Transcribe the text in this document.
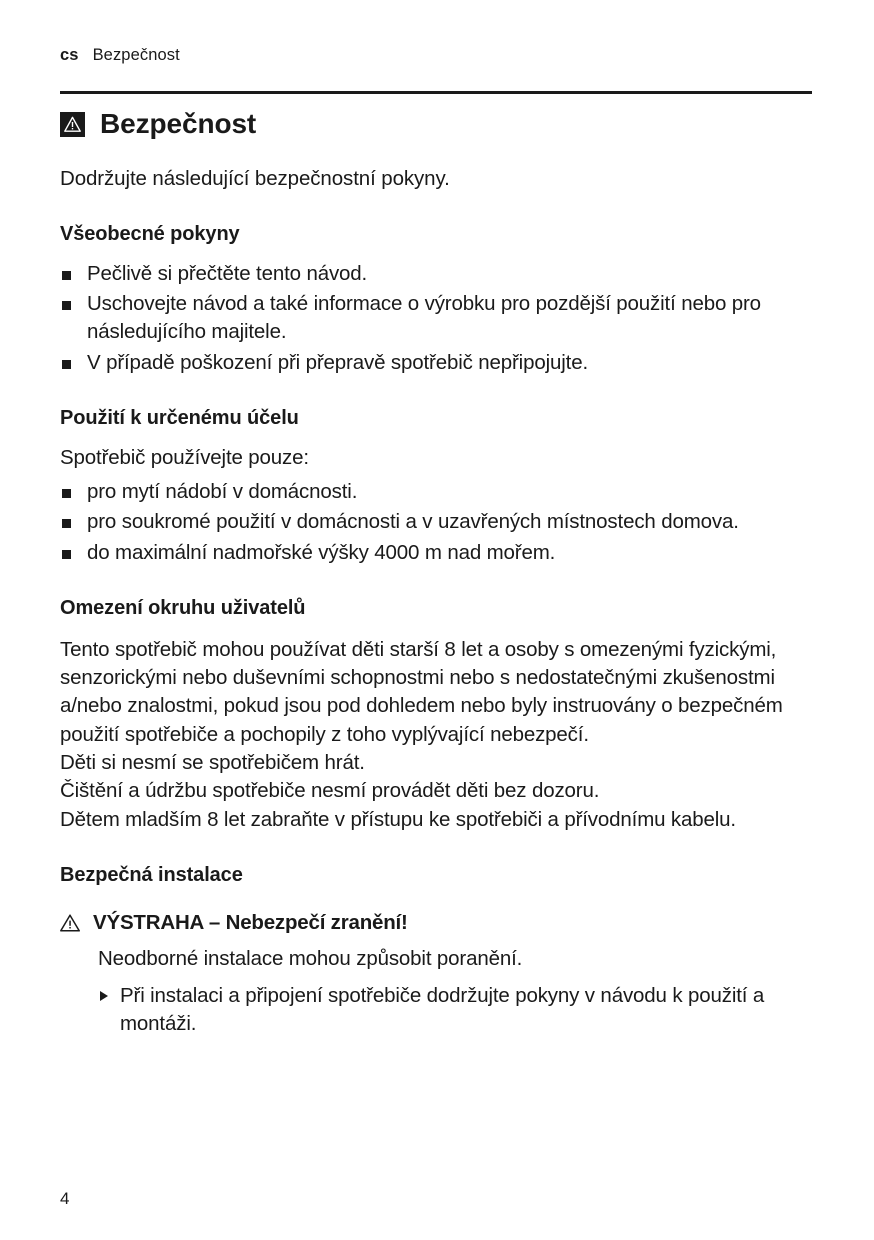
cs Bezpečnost
Bezpečnost

Dodržujte následující bezpečnostní pokyny.

Všeobecné pokyny
Pečlivě si přečtěte tento návod.
Uschovejte návod a také informace o výrobku pro pozdější použití nebo pro následujícího majitele.
V případě poškození při přepravě spotřebič nepřipojujte.
Použití k určenému účelu

Spotřebič používejte pouze:

pro mytí nádobí v domácnosti.
pro soukromé použití v domácnosti a v uzavřených místnostech domova.
do maximální nadmořské výšky 4000 m nad mořem.
Omezení okruhu uživatelů

Tento spotřebič mohou používat děti starší 8 let a osoby s omezenými fyzickými, senzorickými nebo duševními schopnostmi nebo s nedostatečnými zkušenostmi a/nebo znalostmi, pokud jsou pod dohledem nebo byly instruovány o bezpečném použití spotřebiče a pochopily z toho vyplývající nebezpečí.

Děti si nesmí se spotřebičem hrát.

Čištění a údržbu spotřebiče nesmí provádět děti bez dozoru.

Dětem mladším 8 let zabraňte v přístupu ke spotřebiči a přívodnímu kabelu.

Bezpečná instalace
VÝSTRAHA – Nebezpečí zranění!
Neodborné instalace mohou způsobit poranění.
Při instalaci a připojení spotřebiče dodržujte pokyny v návodu k použití a montáži.
4
